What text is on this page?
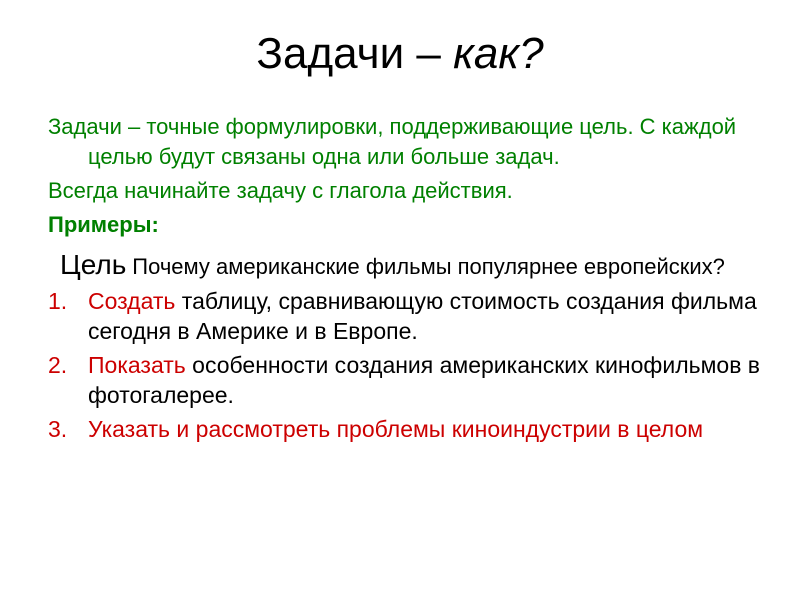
Задачи – как?

Задачи – точные формулировки, поддерживающие цель. С каждой целью будут связаны одна или больше задач.

Всегда начинайте задачу с глагола действия.

Примеры:

Цель Почему американские фильмы популярнее европейских?
1. Создать таблицу, сравнивающую стоимость создания фильма сегодня в Америке и в Европе.
2. Показать особенности создания американских кинофильмов в фотогалерее.
3. Указать и рассмотреть проблемы киноиндустрии в целом
